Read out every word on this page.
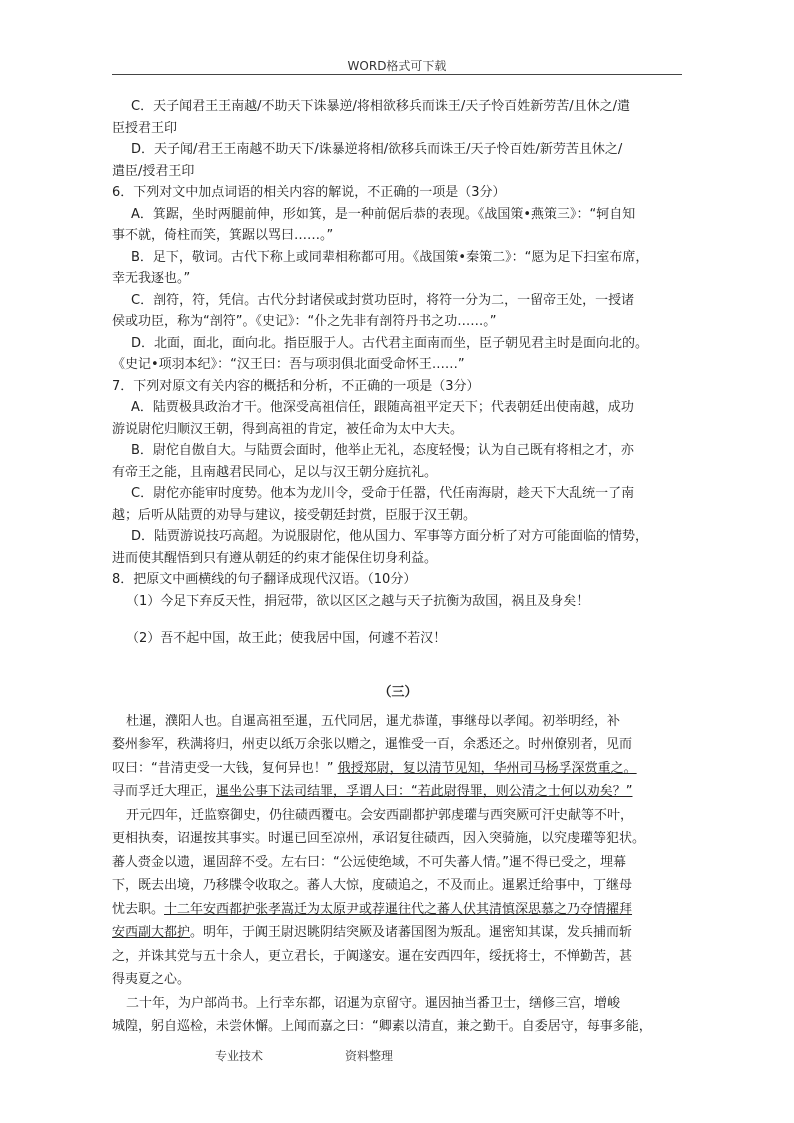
WORD格式可下载
C．天子闻君王王南越/不助天下诛暴逆/将相欲移兵而诛王/天子怜百姓新劳苦/且休之/遣
臣授君王印
D．天子闻/君王王南越不助天下/诛暴逆将相/欲移兵而诛王/天子怜百姓/新劳苦且休之/
遣臣/授君王印
6．下列对文中加点词语的相关内容的解说，不正确的一项是（3分）
A．箕踞，坐时两腿前伸，形如箕，是一种前倨后恭的表现。《战国策•燕策三》：“轲自知
事不就，倚柱而笑，箕踞以骂曰……。”
B．足下，敬词。古代下称上或同辈相称都可用。《战国策•秦策二》：“愿为足下扫室布席，
幸无我逐也。”
C．剖符，符，凭信。古代分封诸侯或封赏功臣时，将符一分为二，一留帝王处，一授诸
侯或功臣，称为“剖符”。《史记》：“仆之先非有剖符丹书之功……。”
D．北面，面北，面向北。指臣服于人。古代君主面南而坐，臣子朝见君主时是面向北的。
《史记•项羽本纪》：“汉王曰：吾与项羽俱北面受命怀王……”
7．下列对原文有关内容的概括和分析，不正确的一项是（3分）
A．陆贾极具政治才干。他深受高祖信任，跟随高祖平定天下；代表朝廷出使南越，成功
游说尉佗归顺汉王朝，得到高祖的肯定，被任命为太中大夫。
B．尉佗自傲自大。与陆贾会面时，他举止无礼，态度轻慢；认为自己既有将相之才，亦
有帝王之能，且南越君民同心，足以与汉王朝分庭抗礼。
C．尉佗亦能审时度势。他本为龙川令，受命于任嚣，代任南海尉，趁天下大乱统一了南
越；后听从陆贾的劝导与建议，接受朝廷封赏，臣服于汉王朝。
D．陆贾游说技巧高超。为说服尉佗，他从国力、军事等方面分析了对方可能面临的情势，
进而使其醒悟到只有遵从朝廷的约束才能保住切身利益。
8．把原文中画横线的句子翻译成现代汉语。（10分）
（1）今足下弃反天性，捐冠带，欲以区区之越与天子抗衡为敌国，祸且及身矣！
（2）吾不起中国，故王此；使我居中国，何遽不若汉！
（三）
杜暹，濮阳人也。自暹高祖至暹，五代同居，暹尤恭谨，事继母以孝闻。初举明经，补
婺州参军，秩满将归，州吏以纸万余张以赠之，暹惟受一百，余悉还之。时州僚别者，见而
叹曰：“昔清吏受一大钱，复何异也！” 俄授郑尉，复以清节见知，华州司马杨孚深赏重之。
寻而孚迁大理正，暹坐公事下法司结罪，孚谓人曰：“若此尉得罪，则公清之士何以劝矣？”
开元四年，迁监察御史，仍往碛西覆屯。会安西副都护郭虔瓘与西突厥可汗史献等不叶，
更相执奏，诏暹按其事实。时暹已回至凉州，承诏复往碛西，因入突骑施，以究虔瓘等犯状。
蕃人赍金以遗，暹固辞不受。左右曰：“公远使绝域，不可失蕃人情。”暹不得已受之，埋幕
下，既去出境，乃移牒令收取之。蕃人大惊，度碛追之，不及而止。暹累迁给事中，丁继母
忧去职。十二年安西都护张孝嵩迁为太原尹或荐暹往代之蕃人伏其清慎深思慕之乃夺情擢拜
安西副大都护。明年，于阗王尉迟眺阴结突厥及诸蕃国图为叛乱。暹密知其谋，发兵捕而斩
之，并诛其党与五十余人，更立君长，于阗遂安。暹在安西四年，绥抚将士，不惮勤苦，甚
得夷夏之心。
二十年，为户部尚书。上行幸东都，诏暹为京留守。暹因抽当番卫士，缮修三宫，增峻
城隍，躬自巡检，未尝休懈。上闻而嘉之曰：“卿素以清直，兼之勤干。自委居守，每事多能，
专业技术	资料整理
